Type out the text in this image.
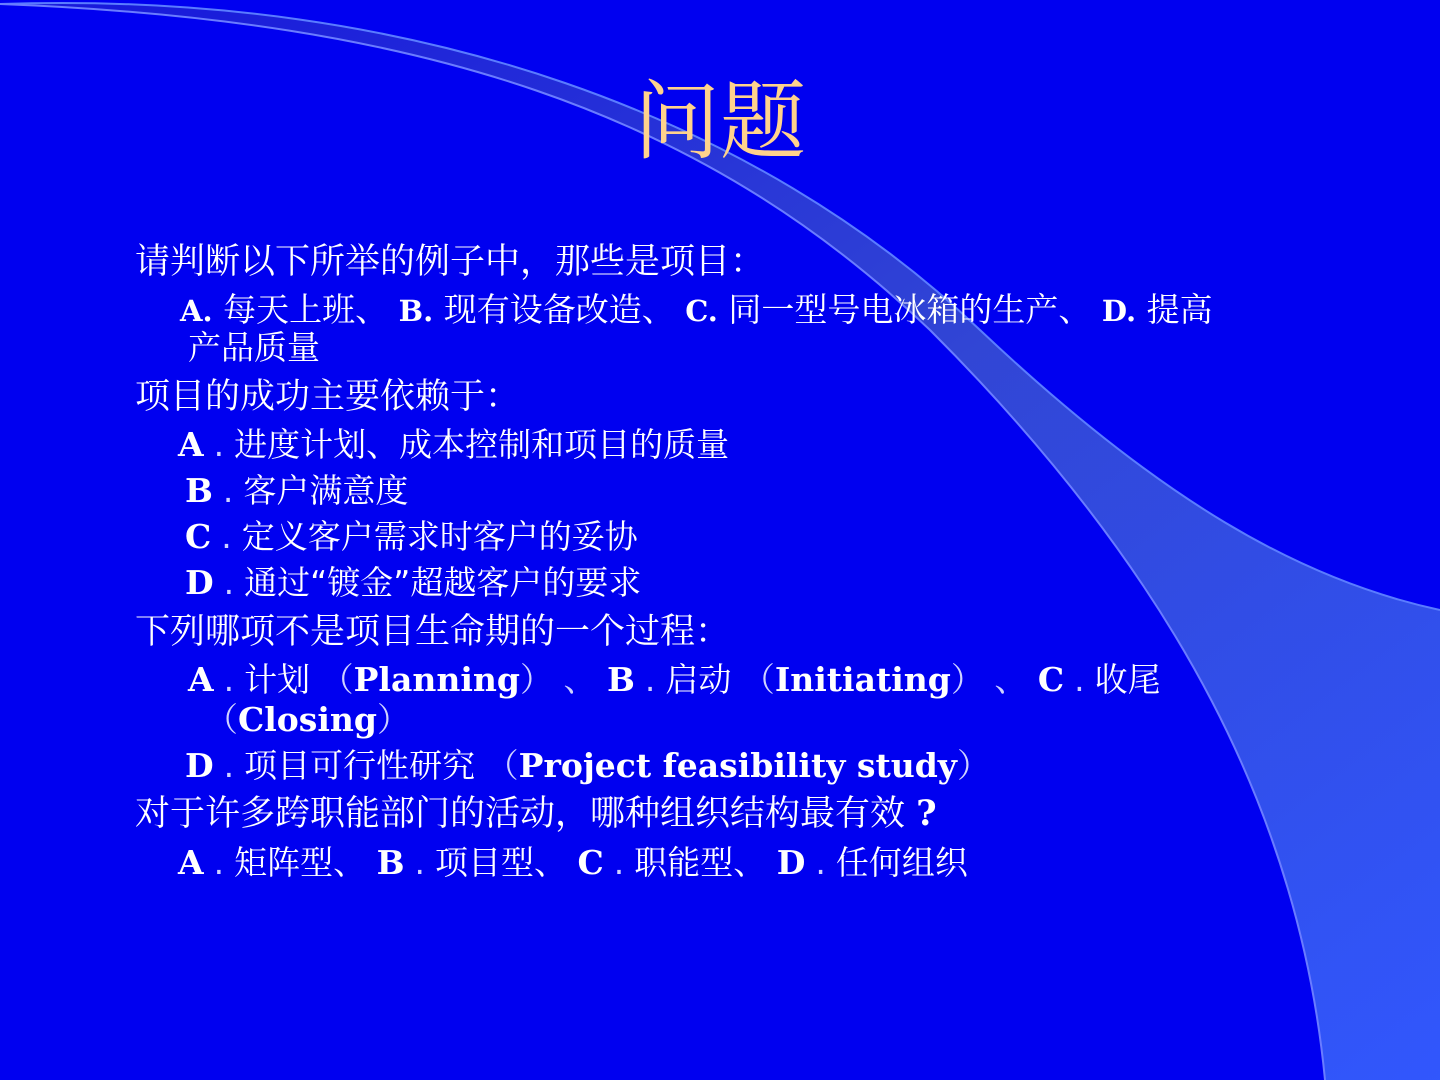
问题
请判断以下所举的例子中，那些是项目：
A. 每天上班、 B. 现有设备改造、 C. 同一型号电冰箱的生产、 D. 提高
产品质量
项目的成功主要依赖于：
A . 进度计划、成本控制和项目的质量
B . 客户满意度
C . 定义客户需求时客户的妥协
D . 通过“镀金”超越客户的要求
下列哪项不是项目生命期的一个过程：
A . 计划 （Planning） 、 B . 启动 （Initiating） 、 C . 收尾
（Closing）
D . 项目可行性研究 （Project feasibility study）
对于许多跨职能部门的活动，哪种组织结构最有效 ?
A . 矩阵型、 B . 项目型、 C . 职能型、 D . 任何组织
